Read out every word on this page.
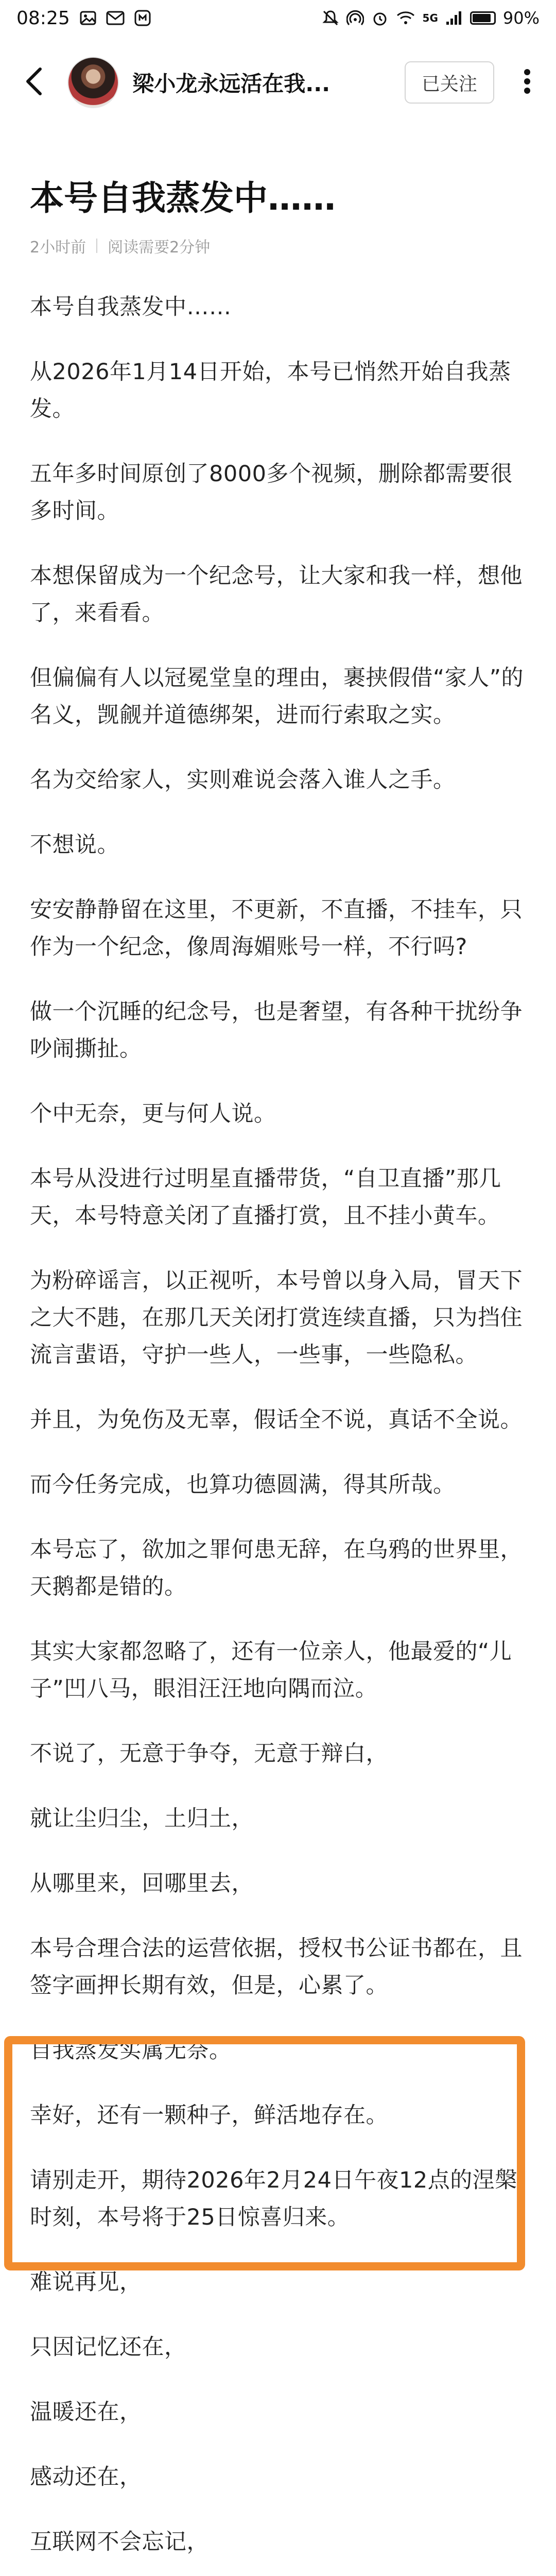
08:25	5G	90%
梁小龙永远活在我...	已关注
本号自我蒸发中……
2小时前 阅读需要2分钟

本号自我蒸发中……

从2026年1月14日开始，本号已悄然开始自我蒸发。

五年多时间原创了8000多个视频，删除都需要很多时间。

本想保留成为一个纪念号，让大家和我一样，想他了，来看看。

但偏偏有人以冠冕堂皇的理由，裹挟假借“家人”的名义，觊觎并道德绑架，进而行索取之实。

名为交给家人，实则难说会落入谁人之手。

不想说。

安安静静留在这里，不更新，不直播，不挂车，只作为一个纪念，像周海媚账号一样，不行吗?

做一个沉睡的纪念号，也是奢望，有各种干扰纷争吵闹撕扯。

个中无奈，更与何人说。

本号从没进行过明星直播带货，“自卫直播”那几天，本号特意关闭了直播打赏，且不挂小黄车。

为粉碎谣言，以正视听，本号曾以身入局，冒天下之大不韪，在那几天关闭打赏连续直播，只为挡住流言蜚语，守护一些人，一些事，一些隐私。

并且，为免伤及无辜，假话全不说，真话不全说。

而今任务完成，也算功德圆满，得其所哉。

本号忘了，欲加之罪何患无辞，在乌鸦的世界里，天鹅都是错的。

其实大家都忽略了，还有一位亲人，他最爱的“儿子”凹八马，眼泪汪汪地向隅而泣。

不说了，无意于争夺，无意于辩白，

就让尘归尘，土归土，

从哪里来，回哪里去，

本号合理合法的运营依据，授权书公证书都在，且签字画押长期有效，但是，心累了。

自我蒸发实属无奈。

幸好，还有一颗种子，鲜活地存在。

请别走开，期待2026年2月24日午夜12点的涅槃时刻，本号将于25日惊喜归来。

难说再见，

只因记忆还在，

温暖还在，

感动还在，

互联网不会忘记，
